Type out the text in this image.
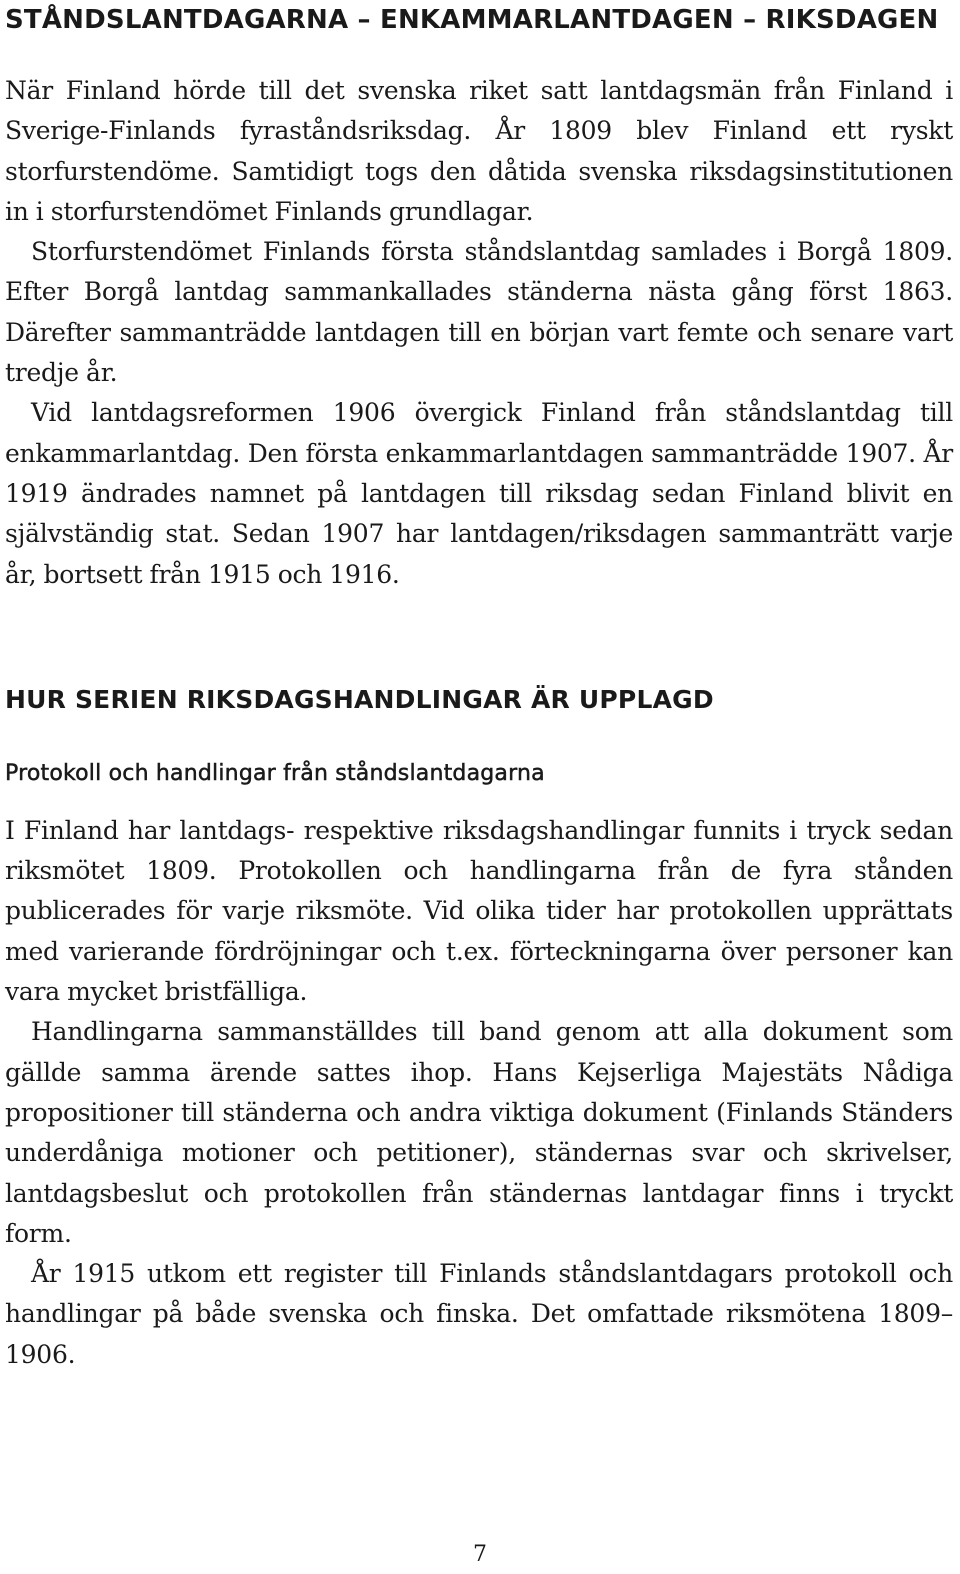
STÅNDSLANTDAGARNA – ENKAMMARLANTDAGEN – RIKSDAGEN

När Finland hörde till det svenska riket satt lantdagsmän från Finland i Sverige-Finlands fyraståndsriksdag. År 1809 blev Finland ett ryskt storfurstendöme. Samtidigt togs den dåtida svenska riksdagsinstitutionen in i storfurstendömet Finlands grundlagar.

Storfurstendömet Finlands första ståndslantdag samlades i Borgå 1809. Efter Borgå lantdag sammankallades ständerna nästa gång först 1863. Därefter sammanträdde lantdagen till en början vart femte och senare vart tredje år.

Vid lantdagsreformen 1906 övergick Finland från ståndslantdag till enkammarlantdag. Den första enkammarlantdagen sammanträdde 1907. År 1919 ändrades namnet på lantdagen till riksdag sedan Finland blivit en självständig stat. Sedan 1907 har lantdagen/riksdagen sammanträtt varje år, bortsett från 1915 och 1916.

HUR SERIEN RIKSDAGSHANDLINGAR ÄR UPPLAGD
Protokoll och handlingar från ståndslantdagarna

I Finland har lantdags- respektive riksdagshandlingar funnits i tryck sedan riksmötet 1809. Protokollen och handlingarna från de fyra stånden publicerades för varje riksmöte. Vid olika tider har protokollen upprättats med varierande fördröjningar och t.ex. förteckningarna över personer kan vara mycket bristfälliga.

Handlingarna sammanställdes till band genom att alla dokument som gällde samma ärende sattes ihop. Hans Kejserliga Majestäts Nådiga propositioner till ständerna och andra viktiga dokument (Finlands Ständers underdåniga motioner och petitioner), ständernas svar och skrivelser, lantdagsbeslut och protokollen från ständernas lantdagar finns i tryckt form.

År 1915 utkom ett register till Finlands ståndslantdagars protokoll och handlingar på både svenska och finska. Det omfattade riksmötena 1809–1906.

7
